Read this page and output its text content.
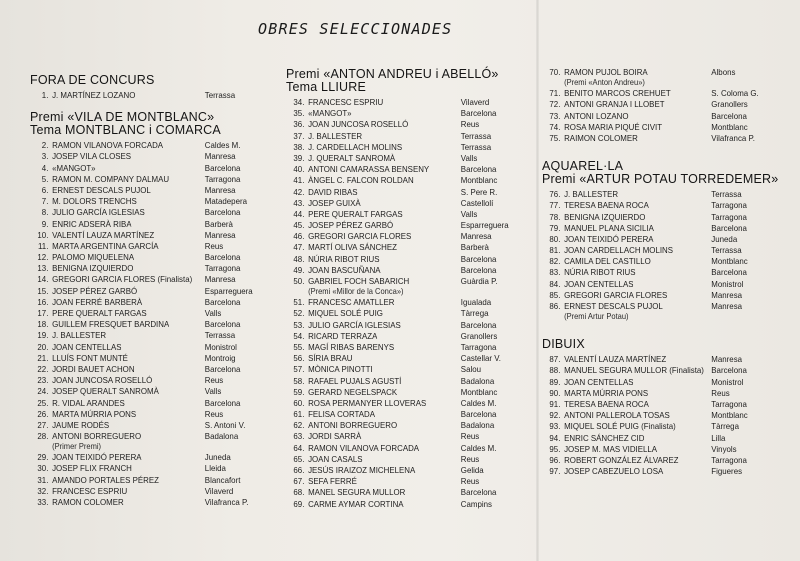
OBRES SELECCIONADES
FORA DE CONCURS
1. J. MARTÍNEZ LOZANO	Terrassa
Premi «VILA DE MONTBLANC»
Tema MONTBLANC i COMARCA
2. RAMON VILANOVA FORCADA	Caldes M.
3. JOSEP VILA CLOSES	Manresa
4. «MANGOT»	Barcelona
5. RAMON M. COMPANY DALMAU	Tarragona
6. ERNEST DESCALS PUJOL	Manresa
7. M. DOLORS TRENCHS	Matadepera
8. JULIO GARCÍA IGLESIAS	Barcelona
9. ENRIC ADSERÀ RIBA	Barberà
10. VALENTÍ LAUZA MARTÍNEZ	Manresa
11. MARTA ARGENTINA GARCÍA	Reus
12. PALOMO MIQUELENA	Barcelona
13. BENIGNA IZQUIERDO	Tarragona
14. GREGORI GARCIA FLORES (Finalista) Manresa
15. JOSEP PÉREZ GARBÓ	Esparreguera
16. JOAN FERRÉ BARBERÀ	Barcelona
17. PERE QUERALT FARGAS	Valls
18. GUILLEM FRESQUET BARDINA	Barcelona
19. J. BALLESTER	Terrassa
20. JOAN CENTELLAS	Monistrol
21. LLUÍS FONT MUNTÉ	Montroig
22. JORDI BAUET ACHON	Barcelona
23. JOAN JUNCOSA ROSELLÓ	Reus
24. JOSEP QUERALT SANROMÀ	Valls
25. R. VIDAL ARANDES	Barcelona
26. MARTA MÚRRIA PONS	Reus
27. JAUME RODÉS	S. Antoni V.
28. ANTONI BORREGUERO	Badalona
(Primer Premi)
29. JOAN TEIXIDÓ PERERA	Juneda
30. JOSEP FLIX FRANCH	Lleida
31. AMANDO PORTALES PÉREZ	Blancafort
32. FRANCESC ESPRIU	Vilaverd
33. RAMON COLOMER	Vilafranca P.
Premi «ANTON ANDREU i ABELLÓ»
Tema LLIURE
34. FRANCESC ESPRIU	Vilaverd
35. «MANGOT»	Barcelona
36. JOAN JUNCOSA ROSELLÓ	Reus
37. J. BALLESTER	Terrassa
38. J. CARDELLACH MOLINS	Terrassa
39. J. QUERALT SANROMÀ	Valls
40. ANTONI CAMARASSA BENSENY	Barcelona
41. ÀNGEL C. FALCON ROLDAN	Montblanc
42. DAVID RIBAS	S. Pere R.
43. JOSEP GUIXÀ	Castellolí
44. PERE QUERALT FARGAS	Valls
45. JOSEP PÉREZ GARBÓ	Esparreguera
46. GREGORI GARCIA FLORES	Manresa
47. MARTÍ OLIVA SÁNCHEZ	Barberà
48. NÚRIA RIBOT RIUS	Barcelona
49. JOAN BASCUÑANA	Barcelona
50. GABRIEL FOCH SABARICH	Guàrdia P.
(Premi «Millor de la Conca»)
51. FRANCESC AMATLLER	Igualada
52. MIQUEL SOLÉ PUIG	Tàrrega
53. JULIO GARCÍA IGLESIAS	Barcelona
54. RICARD TERRAZA	Granollers
55. MAGÍ RIBAS BARENYS	Tarragona
56. SÍRIA BRAU	Castellar V.
57. MÒNICA PINOTTI	Salou
58. RAFAEL PUJALS AGUSTÍ	Badalona
59. GERARD NEGELSPACK	Montblanc
60. ROSA PERMANYER LLOVERAS	Caldes M.
61. FELISA CORTADA	Barcelona
62. ANTONI BORREGUERO	Badalona
63. JORDI SARRÀ	Reus
64. RAMON VILANOVA FORCADA	Caldes M.
65. JOAN CASALS	Reus
66. JESÚS IRAIZOZ MICHELENA	Gelida
67. SEFA FERRÉ	Reus
68. MANEL SEGURA MULLOR	Barcelona
69. CARME AYMAR CORTINA	Campins
70. RAMON PUJOL BOIRA	Albons
(Premi «Anton Andreu»)
71. BENITO MARCOS CREHUET	S. Coloma G.
72. ANTONI GRANJA I LLOBET	Granollers
73. ANTONI LOZANO	Barcelona
74. ROSA MARIA PIQUÉ CIVIT	Montblanc
75. RAIMON COLOMER	Vilafranca P.
AQUAREL·LA
Premi «ARTUR POTAU TORREDEMER»
76. J. BALLESTER	Terrassa
77. TERESA BAENA ROCA	Tarragona
78. BENIGNA IZQUIERDO	Tarragona
79. MANUEL PLANA SICILIA	Barcelona
80. JOAN TEIXIDÓ PERERA	Juneda
81. JOAN CARDELLACH MOLINS	Terrassa
82. CAMILA DEL CASTILLO	Montblanc
83. NÚRIA RIBOT RIUS	Barcelona
84. JOAN CENTELLAS	Monistrol
85. GREGORI GARCIA FLORES	Manresa
86. ERNEST DESCALS PUJOL	Manresa
(Premi Artur Potau)
DIBUIX
87. VALENTÍ LAUZA MARTÍNEZ	Manresa
88. MANUEL SEGURA MULLOR (Finalista) Barcelona
89. JOAN CENTELLAS	Monistrol
90. MARTA MÚRRIA PONS	Reus
91. TERESA BAENA ROCA	Tarragona
92. ANTONI PALLEROLA TOSAS	Montblanc
93. MIQUEL SOLÉ PUIG (Finalista)	Tàrrega
94. ENRIC SÁNCHEZ CID	Lilla
95. JOSEP M. MAS VIDIELLA	Vinyols
96. ROBERT GONZÁLEZ ÁLVAREZ	Tarragona
97. JOSEP CABEZUELO LOSA	Figueres
